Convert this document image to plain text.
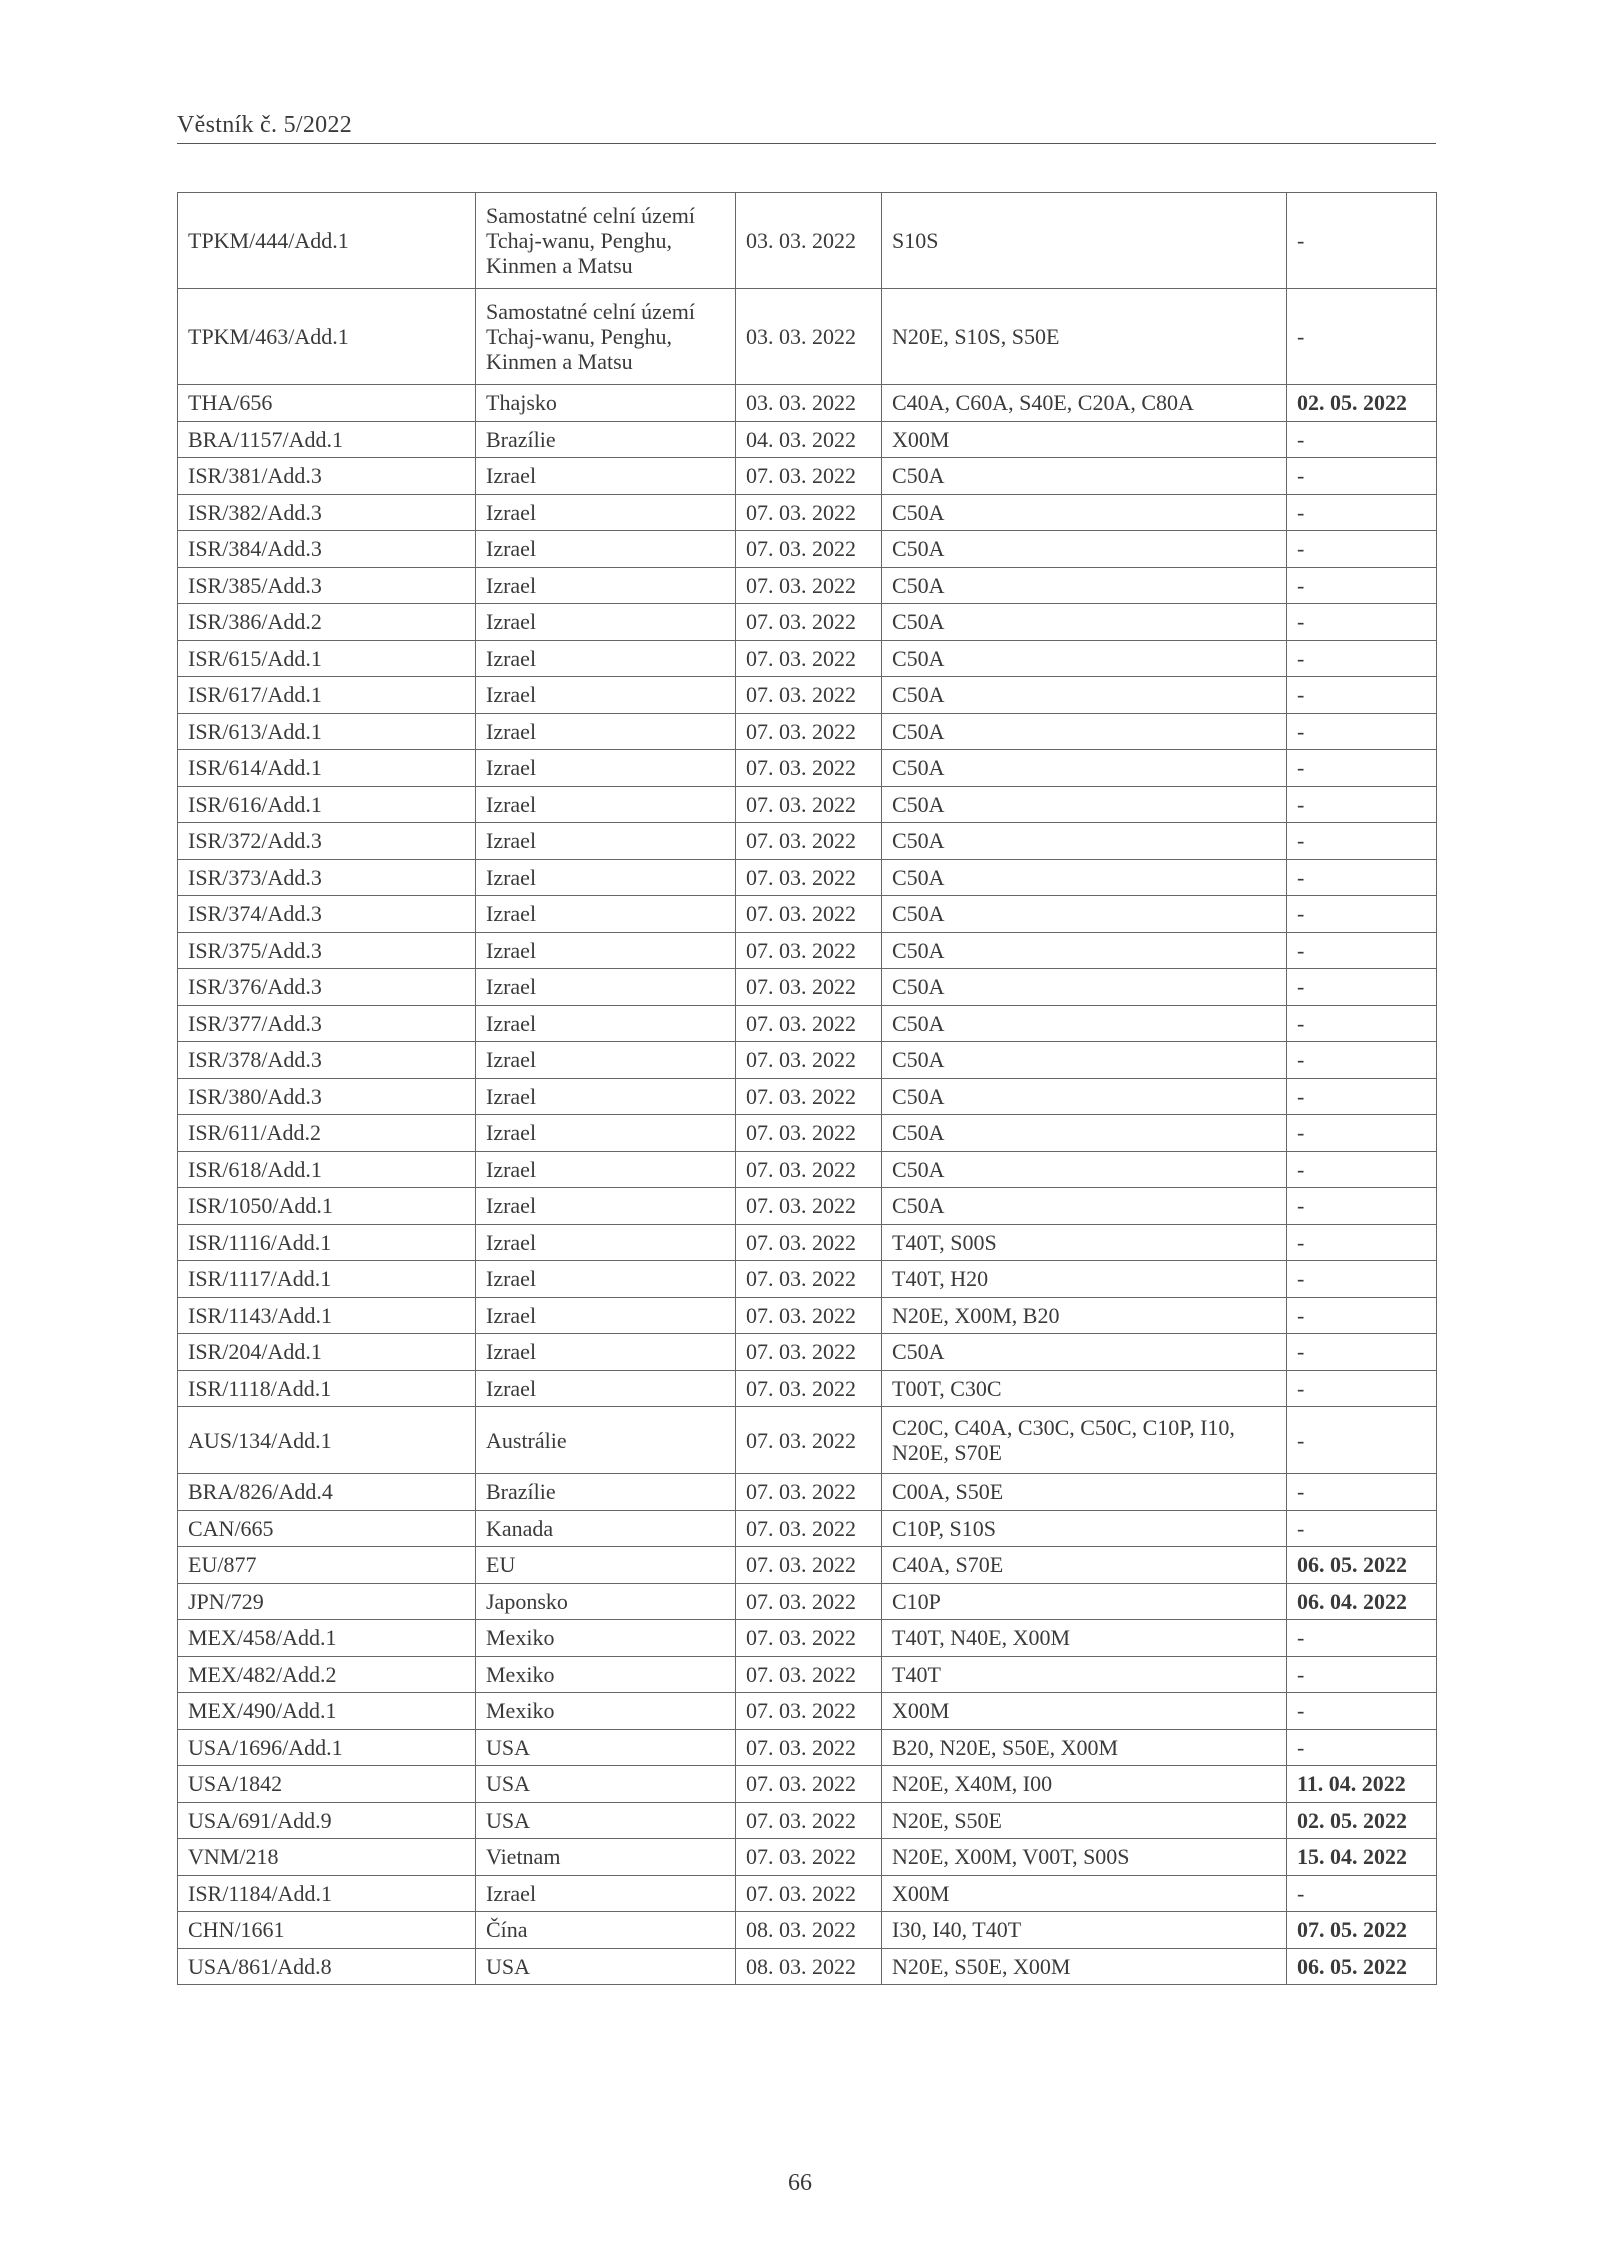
Věstník č. 5/2022
TPKM/444/Add.1	Samostatné celní území Tchaj-wanu, Penghu, Kinmen a Matsu	03. 03. 2022	S10S	-
TPKM/463/Add.1	Samostatné celní území Tchaj-wanu, Penghu, Kinmen a Matsu	03. 03. 2022	N20E, S10S, S50E	-
THA/656	Thajsko	03. 03. 2022	C40A, C60A, S40E, C20A, C80A	02. 05. 2022
BRA/1157/Add.1	Brazílie	04. 03. 2022	X00M	-
ISR/381/Add.3	Izrael	07. 03. 2022	C50A	-
ISR/382/Add.3	Izrael	07. 03. 2022	C50A	-
ISR/384/Add.3	Izrael	07. 03. 2022	C50A	-
ISR/385/Add.3	Izrael	07. 03. 2022	C50A	-
ISR/386/Add.2	Izrael	07. 03. 2022	C50A	-
ISR/615/Add.1	Izrael	07. 03. 2022	C50A	-
ISR/617/Add.1	Izrael	07. 03. 2022	C50A	-
ISR/613/Add.1	Izrael	07. 03. 2022	C50A	-
ISR/614/Add.1	Izrael	07. 03. 2022	C50A	-
ISR/616/Add.1	Izrael	07. 03. 2022	C50A	-
ISR/372/Add.3	Izrael	07. 03. 2022	C50A	-
ISR/373/Add.3	Izrael	07. 03. 2022	C50A	-
ISR/374/Add.3	Izrael	07. 03. 2022	C50A	-
ISR/375/Add.3	Izrael	07. 03. 2022	C50A	-
ISR/376/Add.3	Izrael	07. 03. 2022	C50A	-
ISR/377/Add.3	Izrael	07. 03. 2022	C50A	-
ISR/378/Add.3	Izrael	07. 03. 2022	C50A	-
ISR/380/Add.3	Izrael	07. 03. 2022	C50A	-
ISR/611/Add.2	Izrael	07. 03. 2022	C50A	-
ISR/618/Add.1	Izrael	07. 03. 2022	C50A	-
ISR/1050/Add.1	Izrael	07. 03. 2022	C50A	-
ISR/1116/Add.1	Izrael	07. 03. 2022	T40T, S00S	-
ISR/1117/Add.1	Izrael	07. 03. 2022	T40T, H20	-
ISR/1143/Add.1	Izrael	07. 03. 2022	N20E, X00M, B20	-
ISR/204/Add.1	Izrael	07. 03. 2022	C50A	-
ISR/1118/Add.1	Izrael	07. 03. 2022	T00T, C30C	-
AUS/134/Add.1	Austrálie	07. 03. 2022	C20C, C40A, C30C, C50C, C10P, I10, N20E, S70E	-
BRA/826/Add.4	Brazílie	07. 03. 2022	C00A, S50E	-
CAN/665	Kanada	07. 03. 2022	C10P, S10S	-
EU/877	EU	07. 03. 2022	C40A, S70E	06. 05. 2022
JPN/729	Japonsko	07. 03. 2022	C10P	06. 04. 2022
MEX/458/Add.1	Mexiko	07. 03. 2022	T40T, N40E, X00M	-
MEX/482/Add.2	Mexiko	07. 03. 2022	T40T	-
MEX/490/Add.1	Mexiko	07. 03. 2022	X00M	-
USA/1696/Add.1	USA	07. 03. 2022	B20, N20E, S50E, X00M	-
USA/1842	USA	07. 03. 2022	N20E, X40M, I00	11. 04. 2022
USA/691/Add.9	USA	07. 03. 2022	N20E, S50E	02. 05. 2022
VNM/218	Vietnam	07. 03. 2022	N20E, X00M, V00T, S00S	15. 04. 2022
ISR/1184/Add.1	Izrael	07. 03. 2022	X00M	-
CHN/1661	Čína	08. 03. 2022	I30, I40, T40T	07. 05. 2022
USA/861/Add.8	USA	08. 03. 2022	N20E, S50E, X00M	06. 05. 2022
66
